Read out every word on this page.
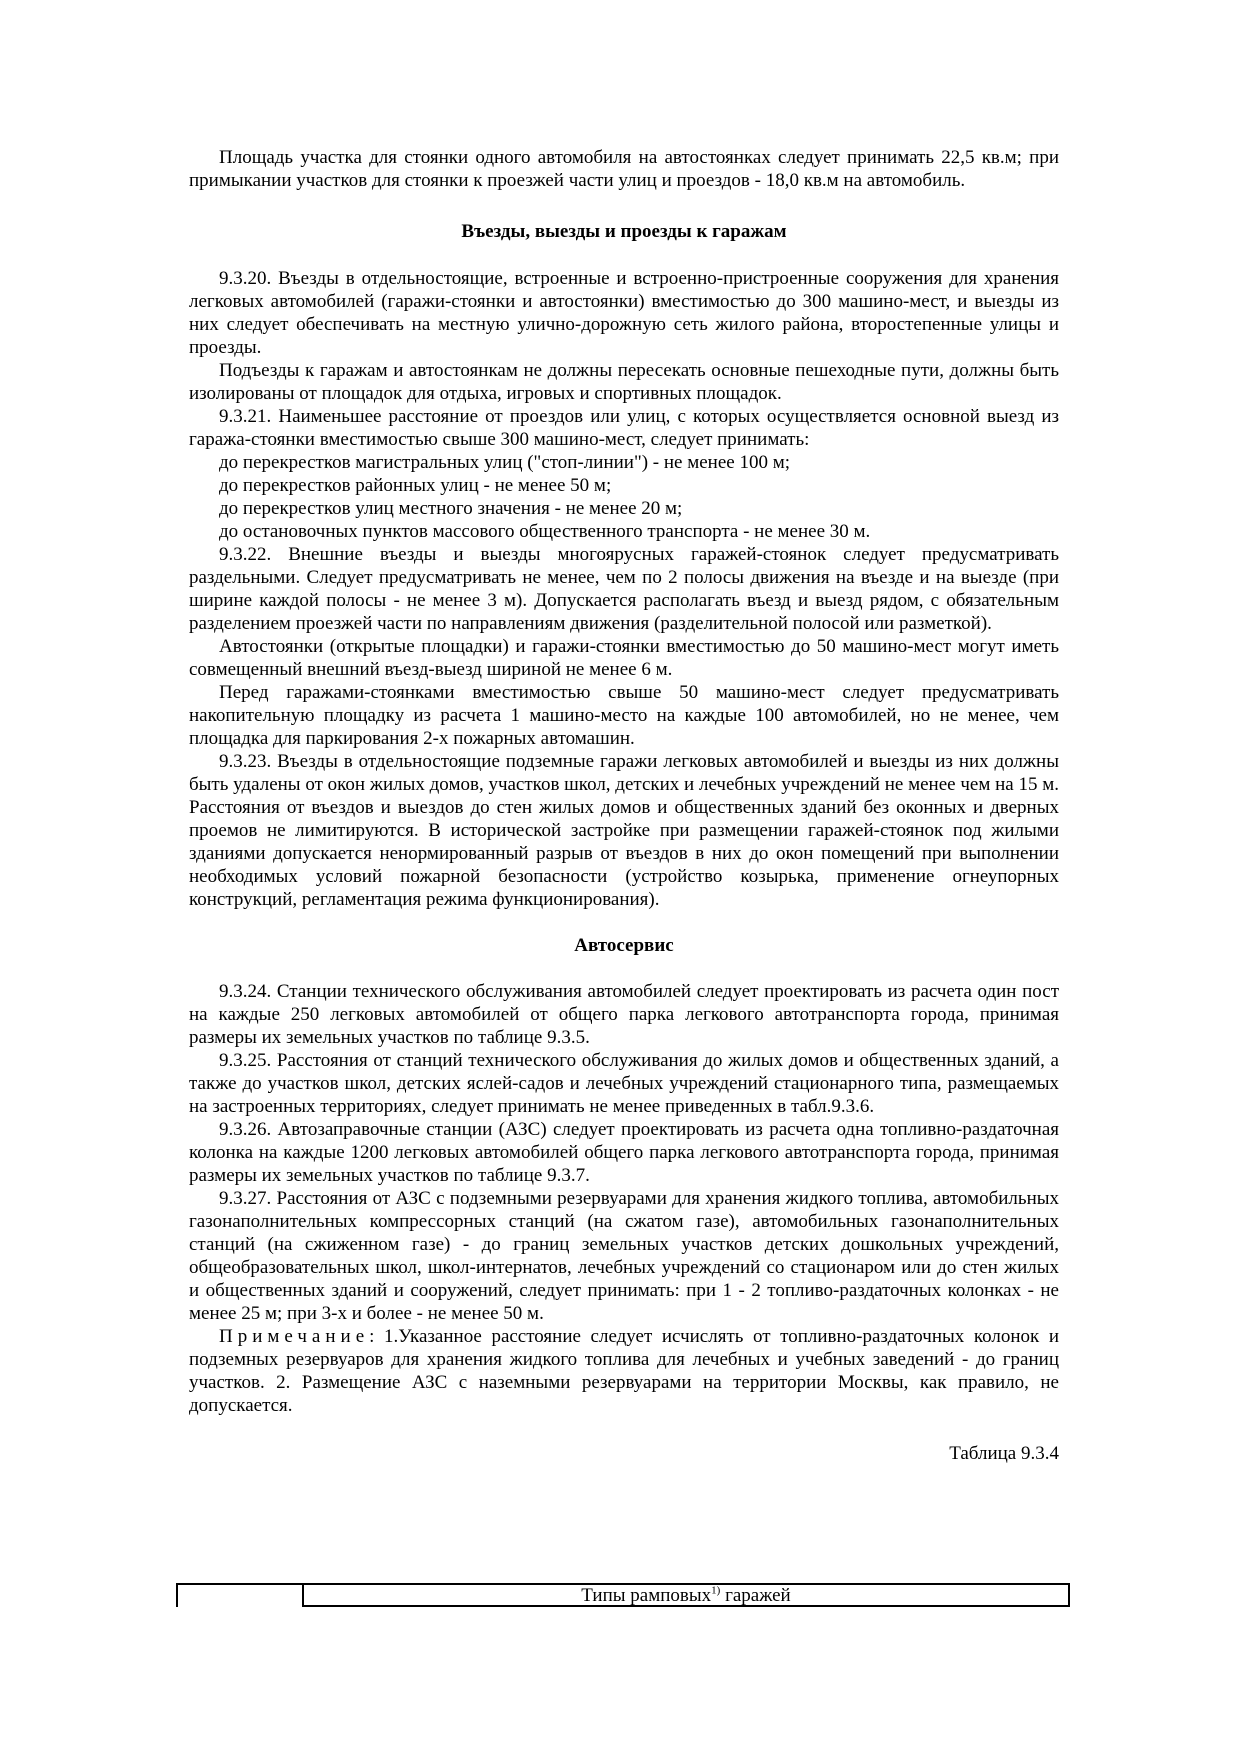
Площадь участка для стоянки одного автомобиля на автостоянках следует принимать 22,5 кв.м; при примыкании участков для стоянки к проезжей части улиц и проездов - 18,0 кв.м на автомобиль.

Въезды, выезды и проезды к гаражам

9.3.20. Въезды в отдельностоящие, встроенные и встроенно-пристроенные сооружения для хранения легковых автомобилей (гаражи-стоянки и автостоянки) вместимостью до 300 машино-мест, и выезды из них следует обеспечивать на местную улично-дорожную сеть жилого района, второстепенные улицы и проезды.

Подъезды к гаражам и автостоянкам не должны пересекать основные пешеходные пути, должны быть изолированы от площадок для отдыха, игровых и спортивных площадок.

9.3.21. Наименьшее расстояние от проездов или улиц, с которых осуществляется основной выезд из гаража-стоянки вместимостью свыше 300 машино-мест, следует принимать:

до перекрестков магистральных улиц ("стоп-линии") - не менее 100 м;

до перекрестков районных улиц - не менее 50 м;

до перекрестков улиц местного значения - не менее 20 м;

до остановочных пунктов массового общественного транспорта - не менее 30 м.

9.3.22. Внешние въезды и выезды многоярусных гаражей-стоянок следует предусматривать раздельными. Следует предусматривать не менее, чем по 2 полосы движения на въезде и на выезде (при ширине каждой полосы - не менее 3 м). Допускается располагать въезд и выезд рядом, с обязательным разделением проезжей части по направлениям движения (разделительной полосой или разметкой).

Автостоянки (открытые площадки) и гаражи-стоянки вместимостью до 50 машино-мест могут иметь совмещенный внешний въезд-выезд шириной не менее 6 м.

Перед гаражами-стоянками вместимостью свыше 50 машино-мест следует предусматривать накопительную площадку из расчета 1 машино-место на каждые 100 автомобилей, но не менее, чем площадка для паркирования 2-х пожарных автомашин.

9.3.23. Въезды в отдельностоящие подземные гаражи легковых автомобилей и выезды из них должны быть удалены от окон жилых домов, участков школ, детских и лечебных учреждений не менее чем на 15 м. Расстояния от въездов и выездов до стен жилых домов и общественных зданий без оконных и дверных проемов не лимитируются. В исторической застройке при размещении гаражей-стоянок под жилыми зданиями допускается ненормированный разрыв от въездов в них до окон помещений при выполнении необходимых условий пожарной безопасности (устройство козырька, применение огнеупорных конструкций, регламентация режима функционирования).

Автосервис

9.3.24. Станции технического обслуживания автомобилей следует проектировать из расчета один пост на каждые 250 легковых автомобилей от общего парка легкового автотранспорта города, принимая размеры их земельных участков по таблице 9.3.5.

9.3.25. Расстояния от станций технического обслуживания до жилых домов и общественных зданий, а также до участков школ, детских яслей-садов и лечебных учреждений стационарного типа, размещаемых на застроенных территориях, следует принимать не менее приведенных в табл.9.3.6.

9.3.26. Автозаправочные станции (АЗС) следует проектировать из расчета одна топливно-раздаточная колонка на каждые 1200 легковых автомобилей общего парка легкового автотранспорта города, принимая размеры их земельных участков по таблице 9.3.7.

9.3.27. Расстояния от АЗС с подземными резервуарами для хранения жидкого топлива, автомобильных газонаполнительных компрессорных станций (на сжатом газе), автомобильных газонаполнительных станций (на сжиженном газе) - до границ земельных участков детских дошкольных учреждений, общеобразовательных школ, школ-интернатов, лечебных учреждений со стационаром или до стен жилых и общественных зданий и сооружений, следует принимать: при 1 - 2 топливо-раздаточных колонках - не менее 25 м; при 3-х и более - не менее 50 м.

Примечание: 1.Указанное расстояние следует исчислять от топливно-раздаточных колонок и подземных резервуаров для хранения жидкого топлива для лечебных и учебных заведений - до границ участков. 2. Размещение АЗС с наземными резервуарами на территории Москвы, как правило, не допускается.

Таблица 9.3.4
Типы рамповых$^{1)}$ гаражей
